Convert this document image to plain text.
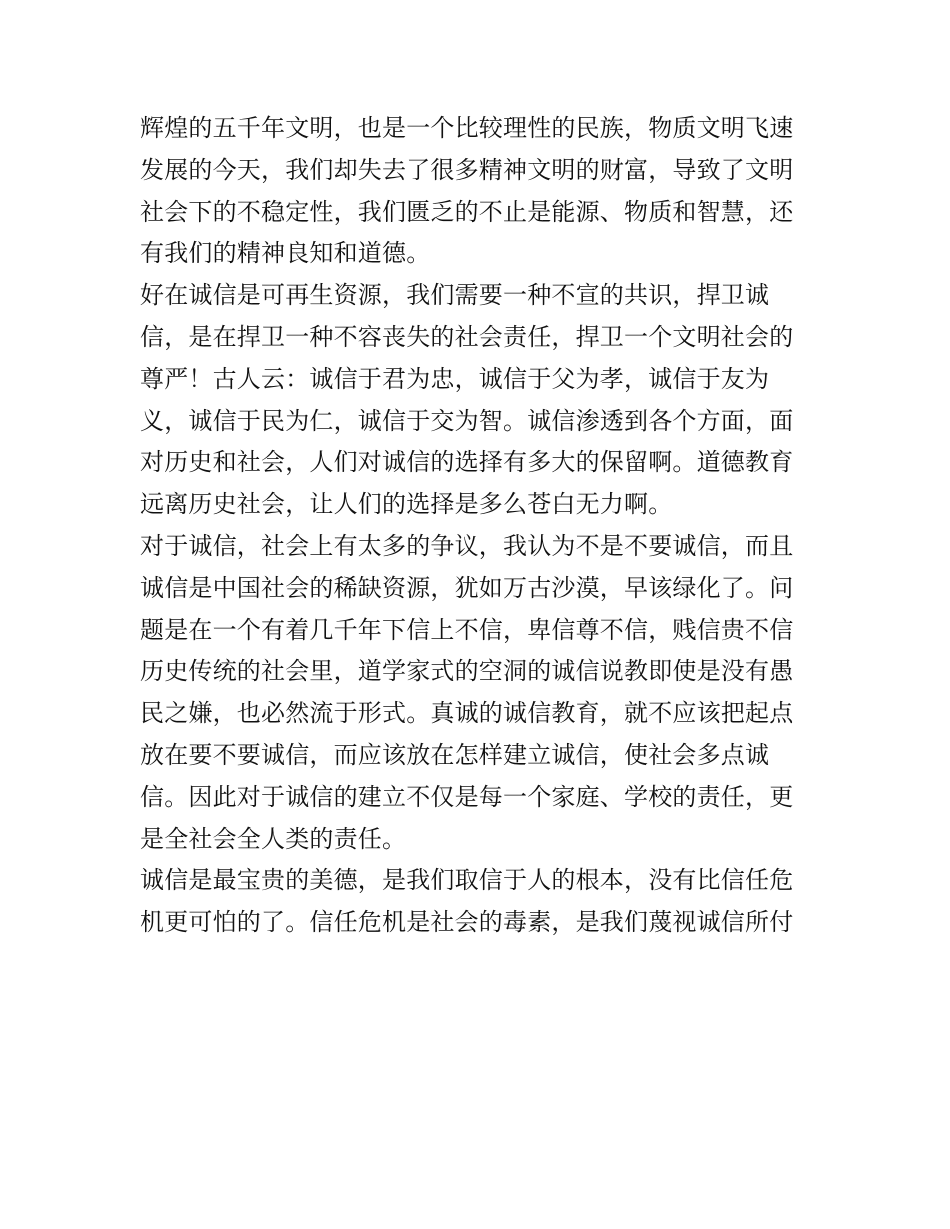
辉煌的五千年文明，也是一个比较理性的民族，物质文明飞速
发展的今天，我们却失去了很多精神文明的财富，导致了文明
社会下的不稳定性，我们匮乏的不止是能源、物质和智慧，还
有我们的精神良知和道德。
好在诚信是可再生资源，我们需要一种不宣的共识，捍卫诚
信，是在捍卫一种不容丧失的社会责任，捍卫一个文明社会的
尊严！古人云：诚信于君为忠，诚信于父为孝，诚信于友为
义，诚信于民为仁，诚信于交为智。诚信渗透到各个方面，面
对历史和社会，人们对诚信的选择有多大的保留啊。道德教育
远离历史社会，让人们的选择是多么苍白无力啊。
对于诚信，社会上有太多的争议，我认为不是不要诚信，而且
诚信是中国社会的稀缺资源，犹如万古沙漠，早该绿化了。问
题是在一个有着几千年下信上不信，卑信尊不信，贱信贵不信
历史传统的社会里，道学家式的空洞的诚信说教即使是没有愚
民之嫌，也必然流于形式。真诚的诚信教育，就不应该把起点
放在要不要诚信，而应该放在怎样建立诚信，使社会多点诚
信。因此对于诚信的建立不仅是每一个家庭、学校的责任，更
是全社会全人类的责任。
诚信是最宝贵的美德，是我们取信于人的根本，没有比信任危
机更可怕的了。信任危机是社会的毒素，是我们蔑视诚信所付
